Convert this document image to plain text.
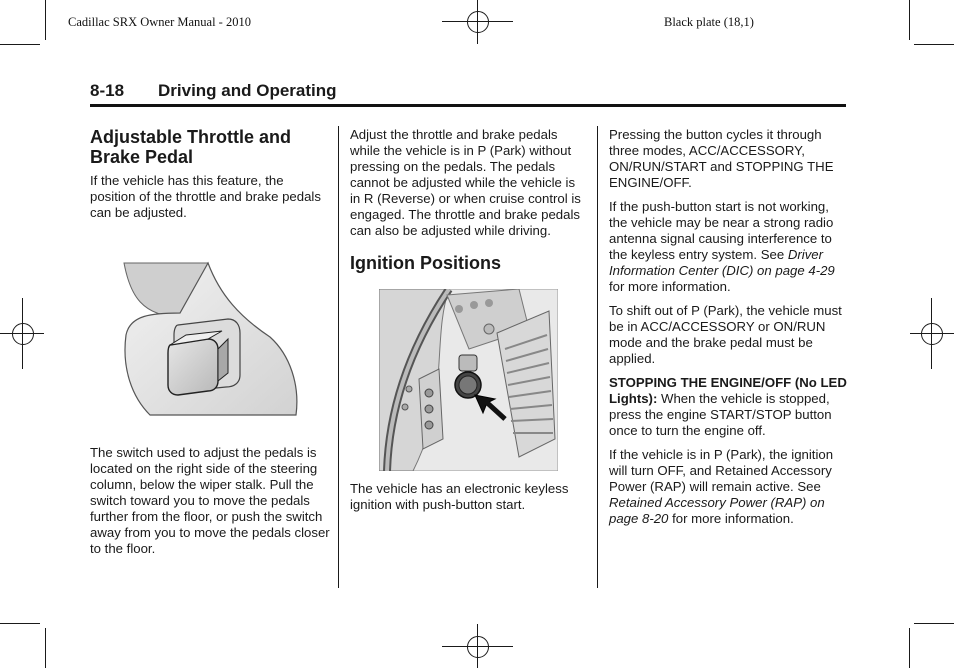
Cadillac SRX Owner Manual - 2010	Black plate (18,1)
8-18 Driving and Operating
Adjustable Throttle and Brake Pedal

If the vehicle has this feature, the position of the throttle and brake pedals can be adjusted.

The switch used to adjust the pedals is located on the right side of the steering column, below the wiper stalk. Pull the switch toward you to move the pedals further from the floor, or push the switch away from you to move the pedals closer to the floor.

Adjust the throttle and brake pedals while the vehicle is in P (Park) without pressing on the pedals. The pedals cannot be adjusted while the vehicle is in R (Reverse) or when cruise control is engaged. The throttle and brake pedals can also be adjusted while driving.

Ignition Positions

The vehicle has an electronic keyless ignition with push-button start.

Pressing the button cycles it through three modes, ACC/ACCESSORY, ON/RUN/START and STOPPING THE ENGINE/OFF.

If the push-button start is not working, the vehicle may be near a strong radio antenna signal causing interference to the keyless entry system. See Driver Information Center (DIC) on page 4-29 for more information.

To shift out of P (Park), the vehicle must be in ACC/ACCESSORY or ON/RUN mode and the brake pedal must be applied.

STOPPING THE ENGINE/OFF (No LED Lights): When the vehicle is stopped, press the engine START/STOP button once to turn the engine off.

If the vehicle is in P (Park), the ignition will turn OFF, and Retained Accessory Power (RAP) will remain active. See Retained Accessory Power (RAP) on page 8-20 for more information.
